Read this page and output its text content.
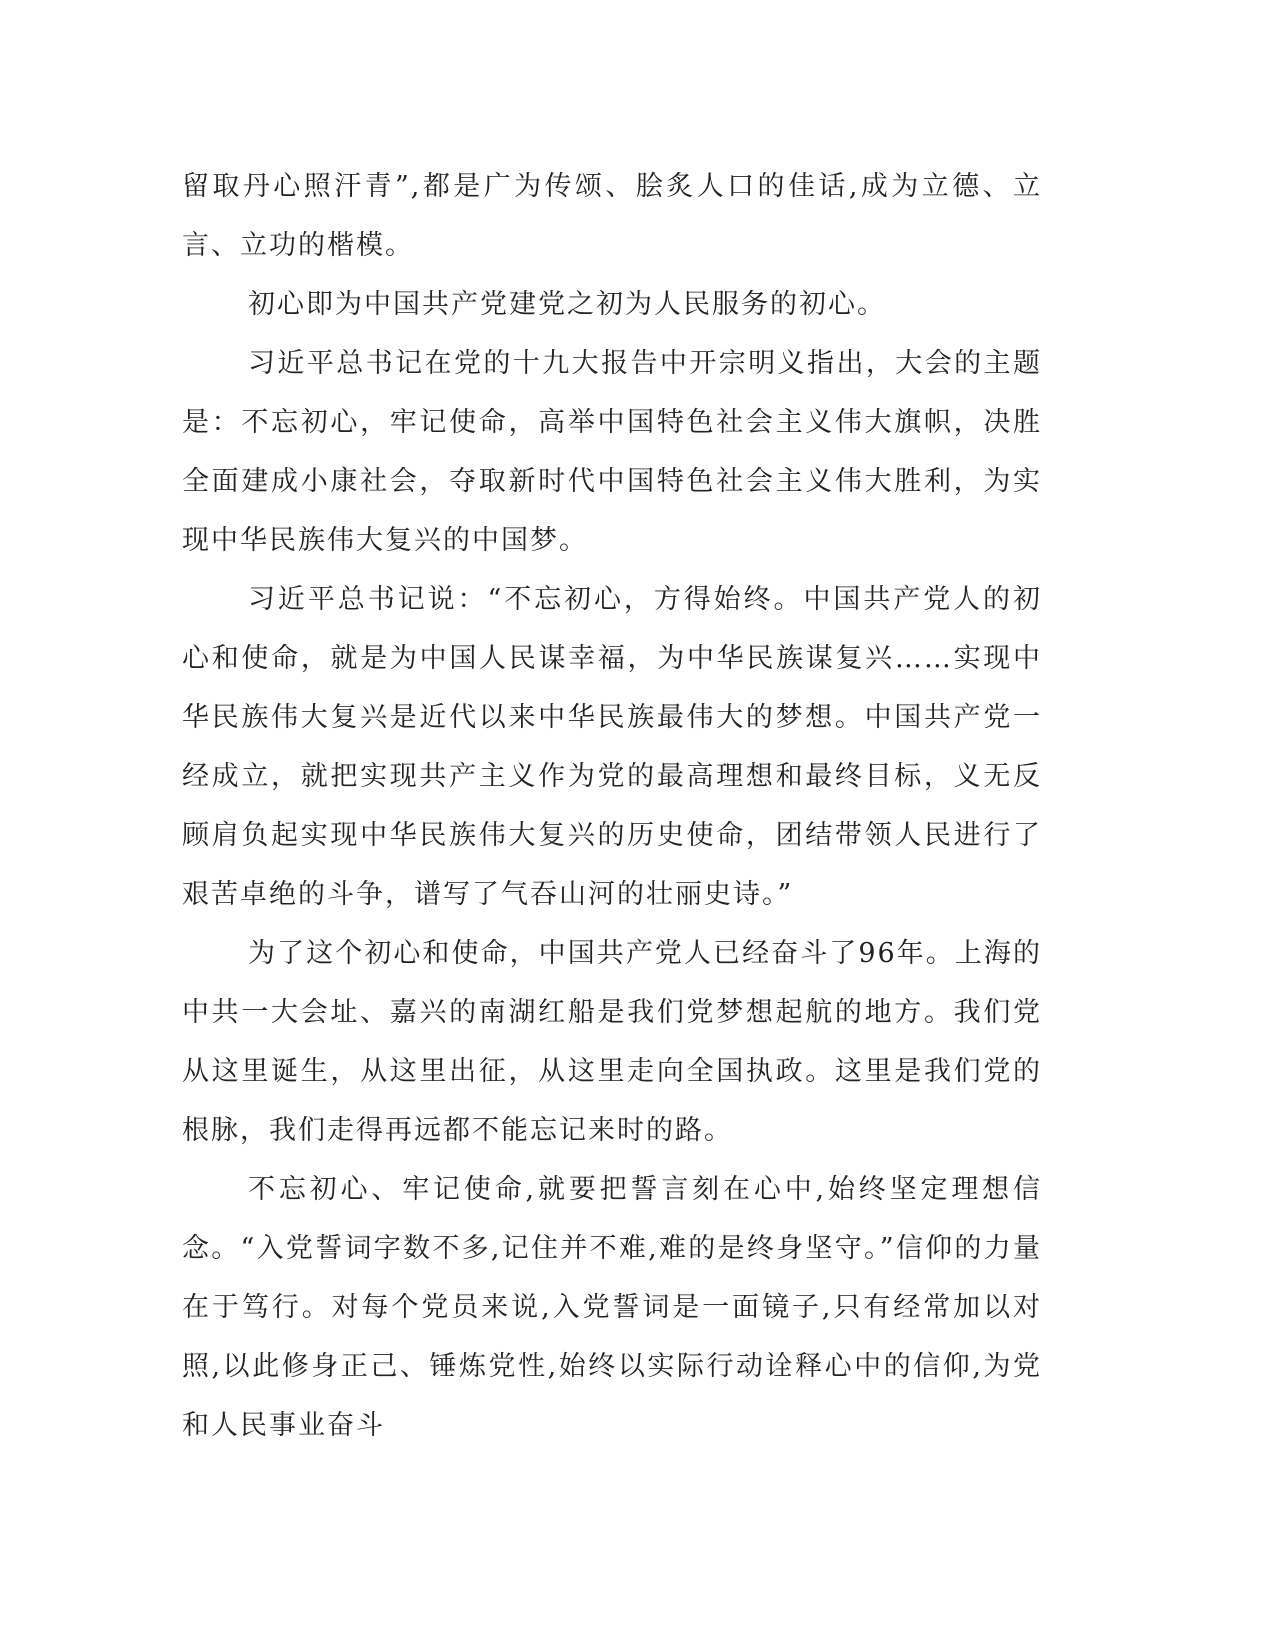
留取丹心照汗青”,都是广为传颂、脍炙人口的佳话,成为立德、立言、立功的楷模。

初心即为中国共产党建党之初为人民服务的初心。

习近平总书记在党的十九大报告中开宗明义指出，大会的主题是：不忘初心，牢记使命，高举中国特色社会主义伟大旗帜，决胜全面建成小康社会，夺取新时代中国特色社会主义伟大胜利，为实现中华民族伟大复兴的中国梦。

习近平总书记说：“不忘初心，方得始终。中国共产党人的初心和使命，就是为中国人民谋幸福，为中华民族谋复兴……实现中华民族伟大复兴是近代以来中华民族最伟大的梦想。中国共产党一经成立，就把实现共产主义作为党的最高理想和最终目标，义无反顾肩负起实现中华民族伟大复兴的历史使命，团结带领人民进行了艰苦卓绝的斗争，谱写了气吞山河的壮丽史诗。”

为了这个初心和使命，中国共产党人已经奋斗了96年。上海的中共一大会址、嘉兴的南湖红船是我们党梦想起航的地方。我们党从这里诞生，从这里出征，从这里走向全国执政。这里是我们党的根脉，我们走得再远都不能忘记来时的路。

不忘初心、牢记使命,就要把誓言刻在心中,始终坚定理想信念。“入党誓词字数不多,记住并不难,难的是终身坚守。”信仰的力量在于笃行。对每个党员来说,入党誓词是一面镜子,只有经常加以对照,以此修身正己、锤炼党性,始终以实际行动诠释心中的信仰,为党和人民事业奋斗
